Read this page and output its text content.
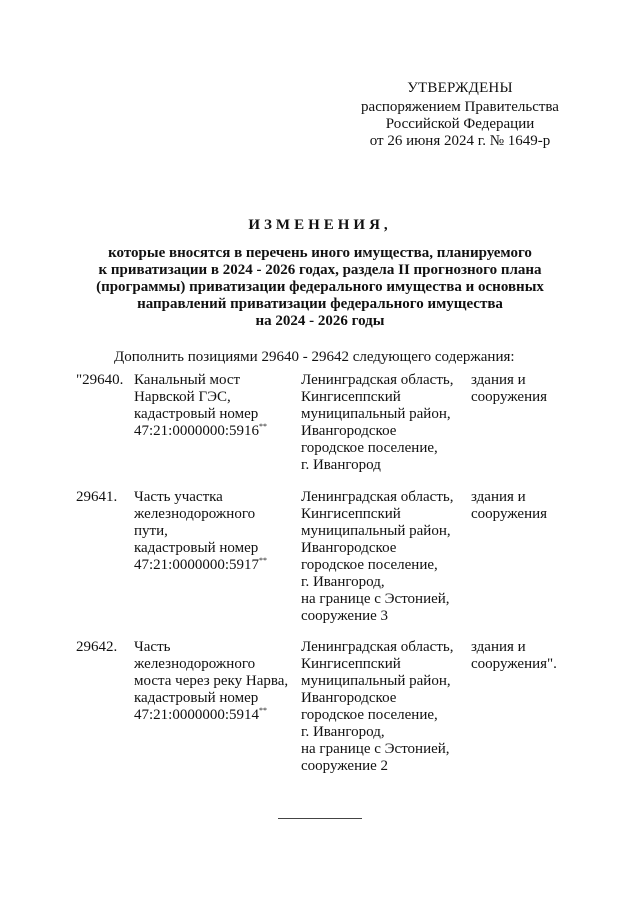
УТВЕРЖДЕНЫ
распоряжением Правительства
Российской Федерации
от 26 июня 2024 г. № 1649-р
ИЗМЕНЕНИЯ,
которые вносятся в перечень иного имущества, планируемого
к приватизации в 2024 - 2026 годах, раздела II прогнозного плана
(программы) приватизации федерального имущества и основных
направлений приватизации федерального имущества
на 2024 - 2026 годы
Дополнить позициями 29640 - 29642 следующего содержания:
"29640. Канальный мост
Нарвской ГЭС,
кадастровый номер
47:21:0000000:5916**
Ленинградская область,
Кингисеппский
муниципальный район,
Ивангородское
городское поселение,
г. Ивангород
здания и
сооружения
29641. Часть участка
железнодорожного
пути,
кадастровый номер
47:21:0000000:5917**
Ленинградская область,
Кингисеппский
муниципальный район,
Ивангородское
городское поселение,
г. Ивангород,
на границе с Эстонией,
сооружение 3
здания и
сооружения
29642. Часть
железнодорожного
моста через реку Нарва,
кадастровый номер
47:21:0000000:5914**
Ленинградская область,
Кингисеппский
муниципальный район,
Ивангородское
городское поселение,
г. Ивангород,
на границе с Эстонией,
сооружение 2
здания и
сооружения".
